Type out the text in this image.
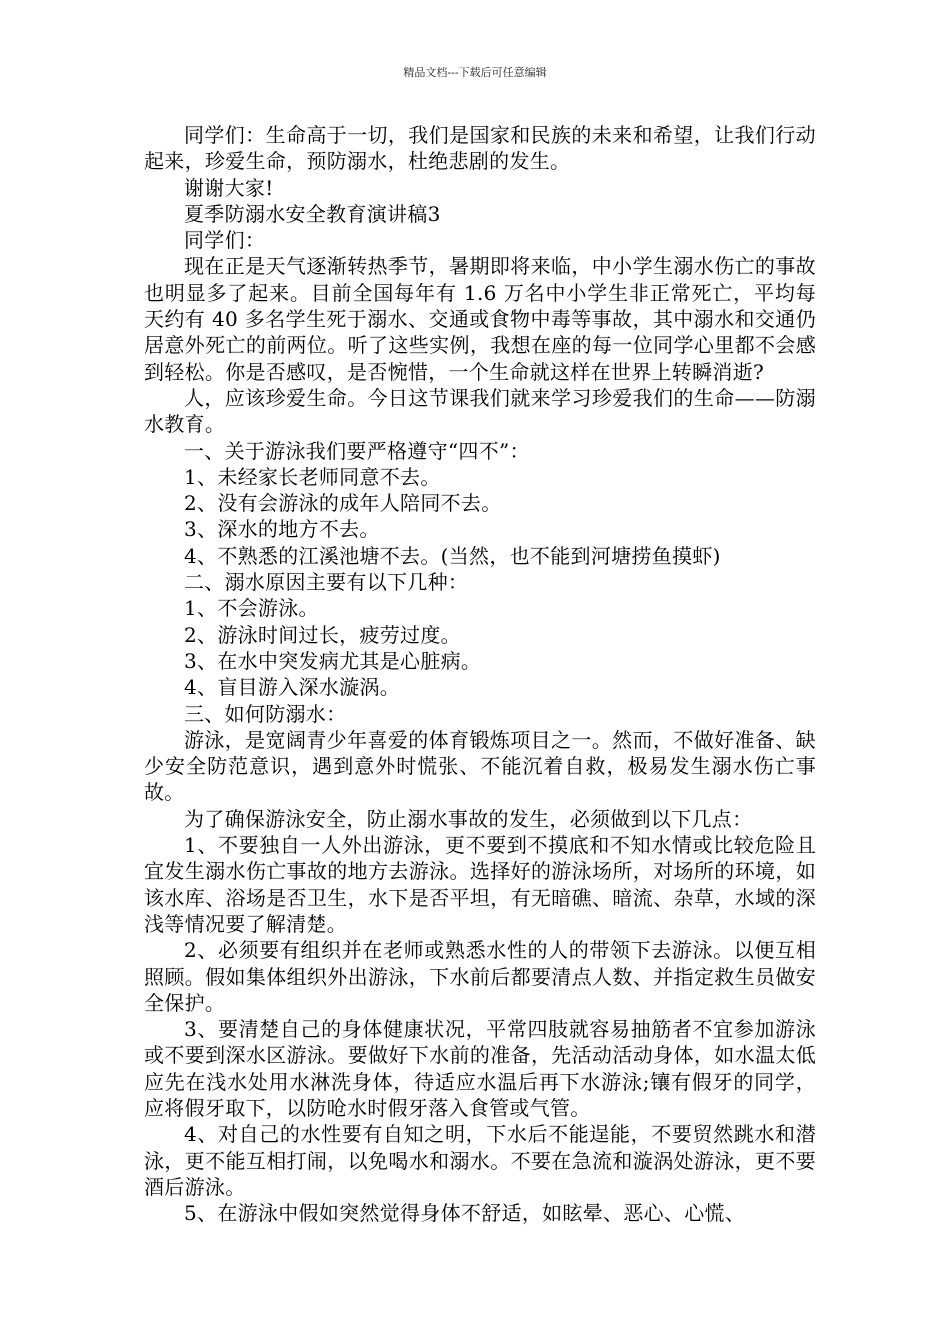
精品文档---下载后可任意编辑

同学们：生命高于一切，我们是国家和民族的未来和希望，让我们行动起来，珍爱生命，预防溺水，杜绝悲剧的发生。

谢谢大家!

夏季防溺水安全教育演讲稿3

同学们：

现在正是天气逐渐转热季节，暑期即将来临，中小学生溺水伤亡的事故也明显多了起来。目前全国每年有 1.6 万名中小学生非正常死亡，平均每天约有 40 多名学生死于溺水、交通或食物中毒等事故，其中溺水和交通仍居意外死亡的前两位。听了这些实例，我想在座的每一位同学心里都不会感到轻松。你是否感叹，是否惋惜，一个生命就这样在世界上转瞬消逝?

人，应该珍爱生命。今日这节课我们就来学习珍爱我们的生命——防溺水教育。

一、关于游泳我们要严格遵守“四不”：

1、未经家长老师同意不去。

2、没有会游泳的成年人陪同不去。

3、深水的地方不去。

4、不熟悉的江溪池塘不去。(当然，也不能到河塘捞鱼摸虾)

二、溺水原因主要有以下几种：

1、不会游泳。

2、游泳时间过长，疲劳过度。

3、在水中突发病尤其是心脏病。

4、盲目游入深水漩涡。

三、如何防溺水：

游泳，是宽阔青少年喜爱的体育锻炼项目之一。然而，不做好准备、缺少安全防范意识，遇到意外时慌张、不能沉着自救，极易发生溺水伤亡事故。

为了确保游泳安全，防止溺水事故的发生，必须做到以下几点：

1、不要独自一人外出游泳，更不要到不摸底和不知水情或比较危险且宜发生溺水伤亡事故的地方去游泳。选择好的游泳场所，对场所的环境，如该水库、浴场是否卫生，水下是否平坦，有无暗礁、暗流、杂草，水域的深浅等情况要了解清楚。

2、必须要有组织并在老师或熟悉水性的人的带领下去游泳。以便互相照顾。假如集体组织外出游泳，下水前后都要清点人数、并指定救生员做安全保护。

3、要清楚自己的身体健康状况，平常四肢就容易抽筋者不宜参加游泳或不要到深水区游泳。要做好下水前的准备，先活动活动身体，如水温太低应先在浅水处用水淋洗身体，待适应水温后再下水游泳;镶有假牙的同学，应将假牙取下，以防呛水时假牙落入食管或气管。

4、对自己的水性要有自知之明，下水后不能逞能，不要贸然跳水和潜泳，更不能互相打闹，以免喝水和溺水。不要在急流和漩涡处游泳，更不要酒后游泳。

5、在游泳中假如突然觉得身体不舒适，如眩晕、恶心、心慌、
